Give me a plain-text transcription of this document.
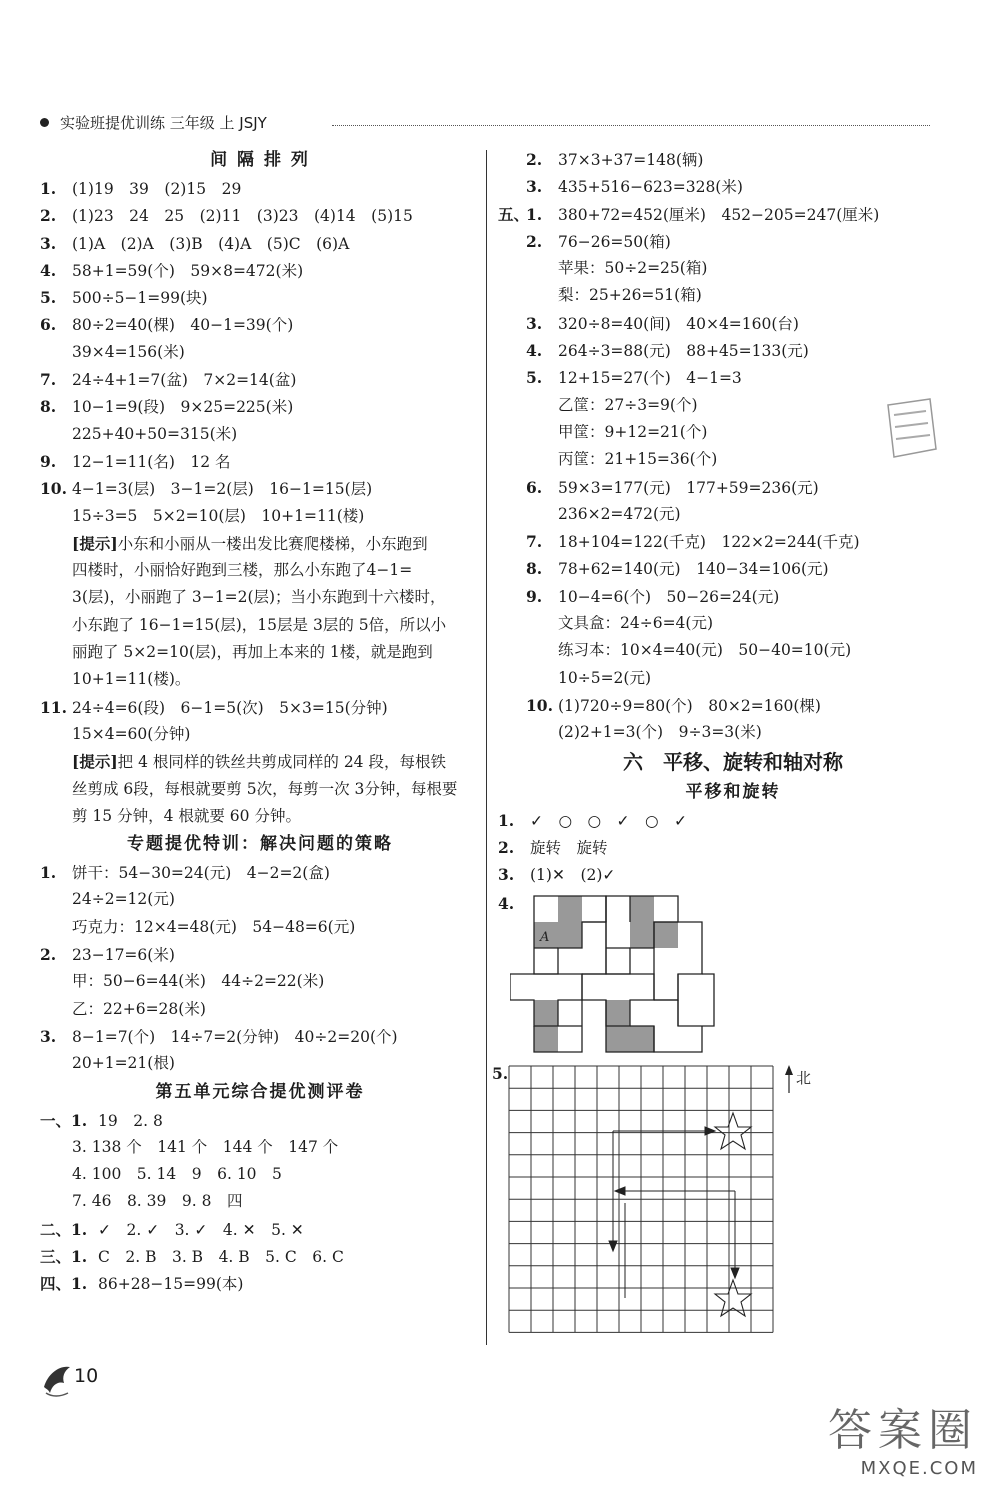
实验班提优训练 三年级 上 JSJY
间 隔 排 列
1. (1)19　39　(2)15　29
2. (1)23　24　25　(2)11　(3)23　(4)14　(5)15
3. (1)A　(2)A　(3)B　(4)A　(5)C　(6)A
4. 58+1=59(个)　59×8=472(米)
5. 500÷5−1=99(块)
6. 80÷2=40(棵)　40−1=39(个)
39×4=156(米)
7. 24÷4+1=7(盆)　7×2=14(盆)
8. 10−1=9(段)　9×25=225(米)
225+40+50=315(米)
9. 12−1=11(名)　12 名
10. 4−1=3(层)　3−1=2(层)　16−1=15(层)
15÷3=5　5×2=10(层)　10+1=11(楼)
[提示]小东和小丽从一楼出发比赛爬楼梯，小东跑到
四楼时，小丽恰好跑到三楼，那么小东跑了4−1=
3(层)，小丽跑了 3−1=2(层)；当小东跑到十六楼时，
小东跑了 16−1=15(层)，15层是 3层的 5倍，所以小
丽跑了 5×2=10(层)，再加上本来的 1楼，就是跑到
10+1=11(楼)。
11. 24÷4=6(段)　6−1=5(次)　5×3=15(分钟)
15×4=60(分钟)
[提示]把 4 根同样的铁丝共剪成同样的 24 段，每根铁
丝剪成 6段，每根就要剪 5次，每剪一次 3分钟，每根要
剪 15 分钟，4 根就要 60 分钟。
专题提优特训：解决问题的策略
1. 饼干：54−30=24(元)　4−2=2(盒)
24÷2=12(元)
巧克力：12×4=48(元)　54−48=6(元)
2. 23−17=6(米)
甲：50−6=44(米)　44÷2=22(米)
乙：22+6=28(米)
3. 8−1=7(个)　14÷7=2(分钟)　40÷2=20(个)
20+1=21(根)
第五单元综合提优测评卷
一、1. 19　2. 8
3. 138 个　141 个　144 个　147 个
4. 100　5. 14　9　6. 10　5
7. 46　8. 39　9. 8　四
二、1. ✓　2. ✓　3. ✓　4. ✕　5. ✕
三、1. C　2. B　3. B　4. B　5. C　6. C
四、1. 86+28−15=99(本)
2. 37×3+37=148(辆)
3. 435+516−623=328(米)
五、1. 380+72=452(厘米)　452−205=247(厘米)
2. 76−26=50(箱)
苹果：50÷2=25(箱)
梨：25+26=51(箱)
3. 320÷8=40(间)　40×4=160(台)
4. 264÷3=88(元)　88+45=133(元)
5. 12+15=27(个)　4−1=3
乙筐：27÷3=9(个)
甲筐：9+12=21(个)
丙筐：21+15=36(个)
6. 59×3=177(元)　177+59=236(元)
236×2=472(元)
7. 18+104=122(千克)　122×2=244(千克)
8. 78+62=140(元)　140−34=106(元)
9. 10−4=6(个)　50−26=24(元)
文具盒：24÷6=4(元)
练习本：10×4=40(元)　50−40=10(元)
10÷5=2(元)
10. (1)720÷9=80(个)　80×2=160(棵)
(2)2+1=3(个)　9÷3=3(米)
六　平移、旋转和轴对称
平移和旋转
1. ✓　○　○　✓　○　✓
2. 旋转　旋转
3. (1)✕　(2)✓
4.
A
5.	北
10
答案圈
MXQE.COM
